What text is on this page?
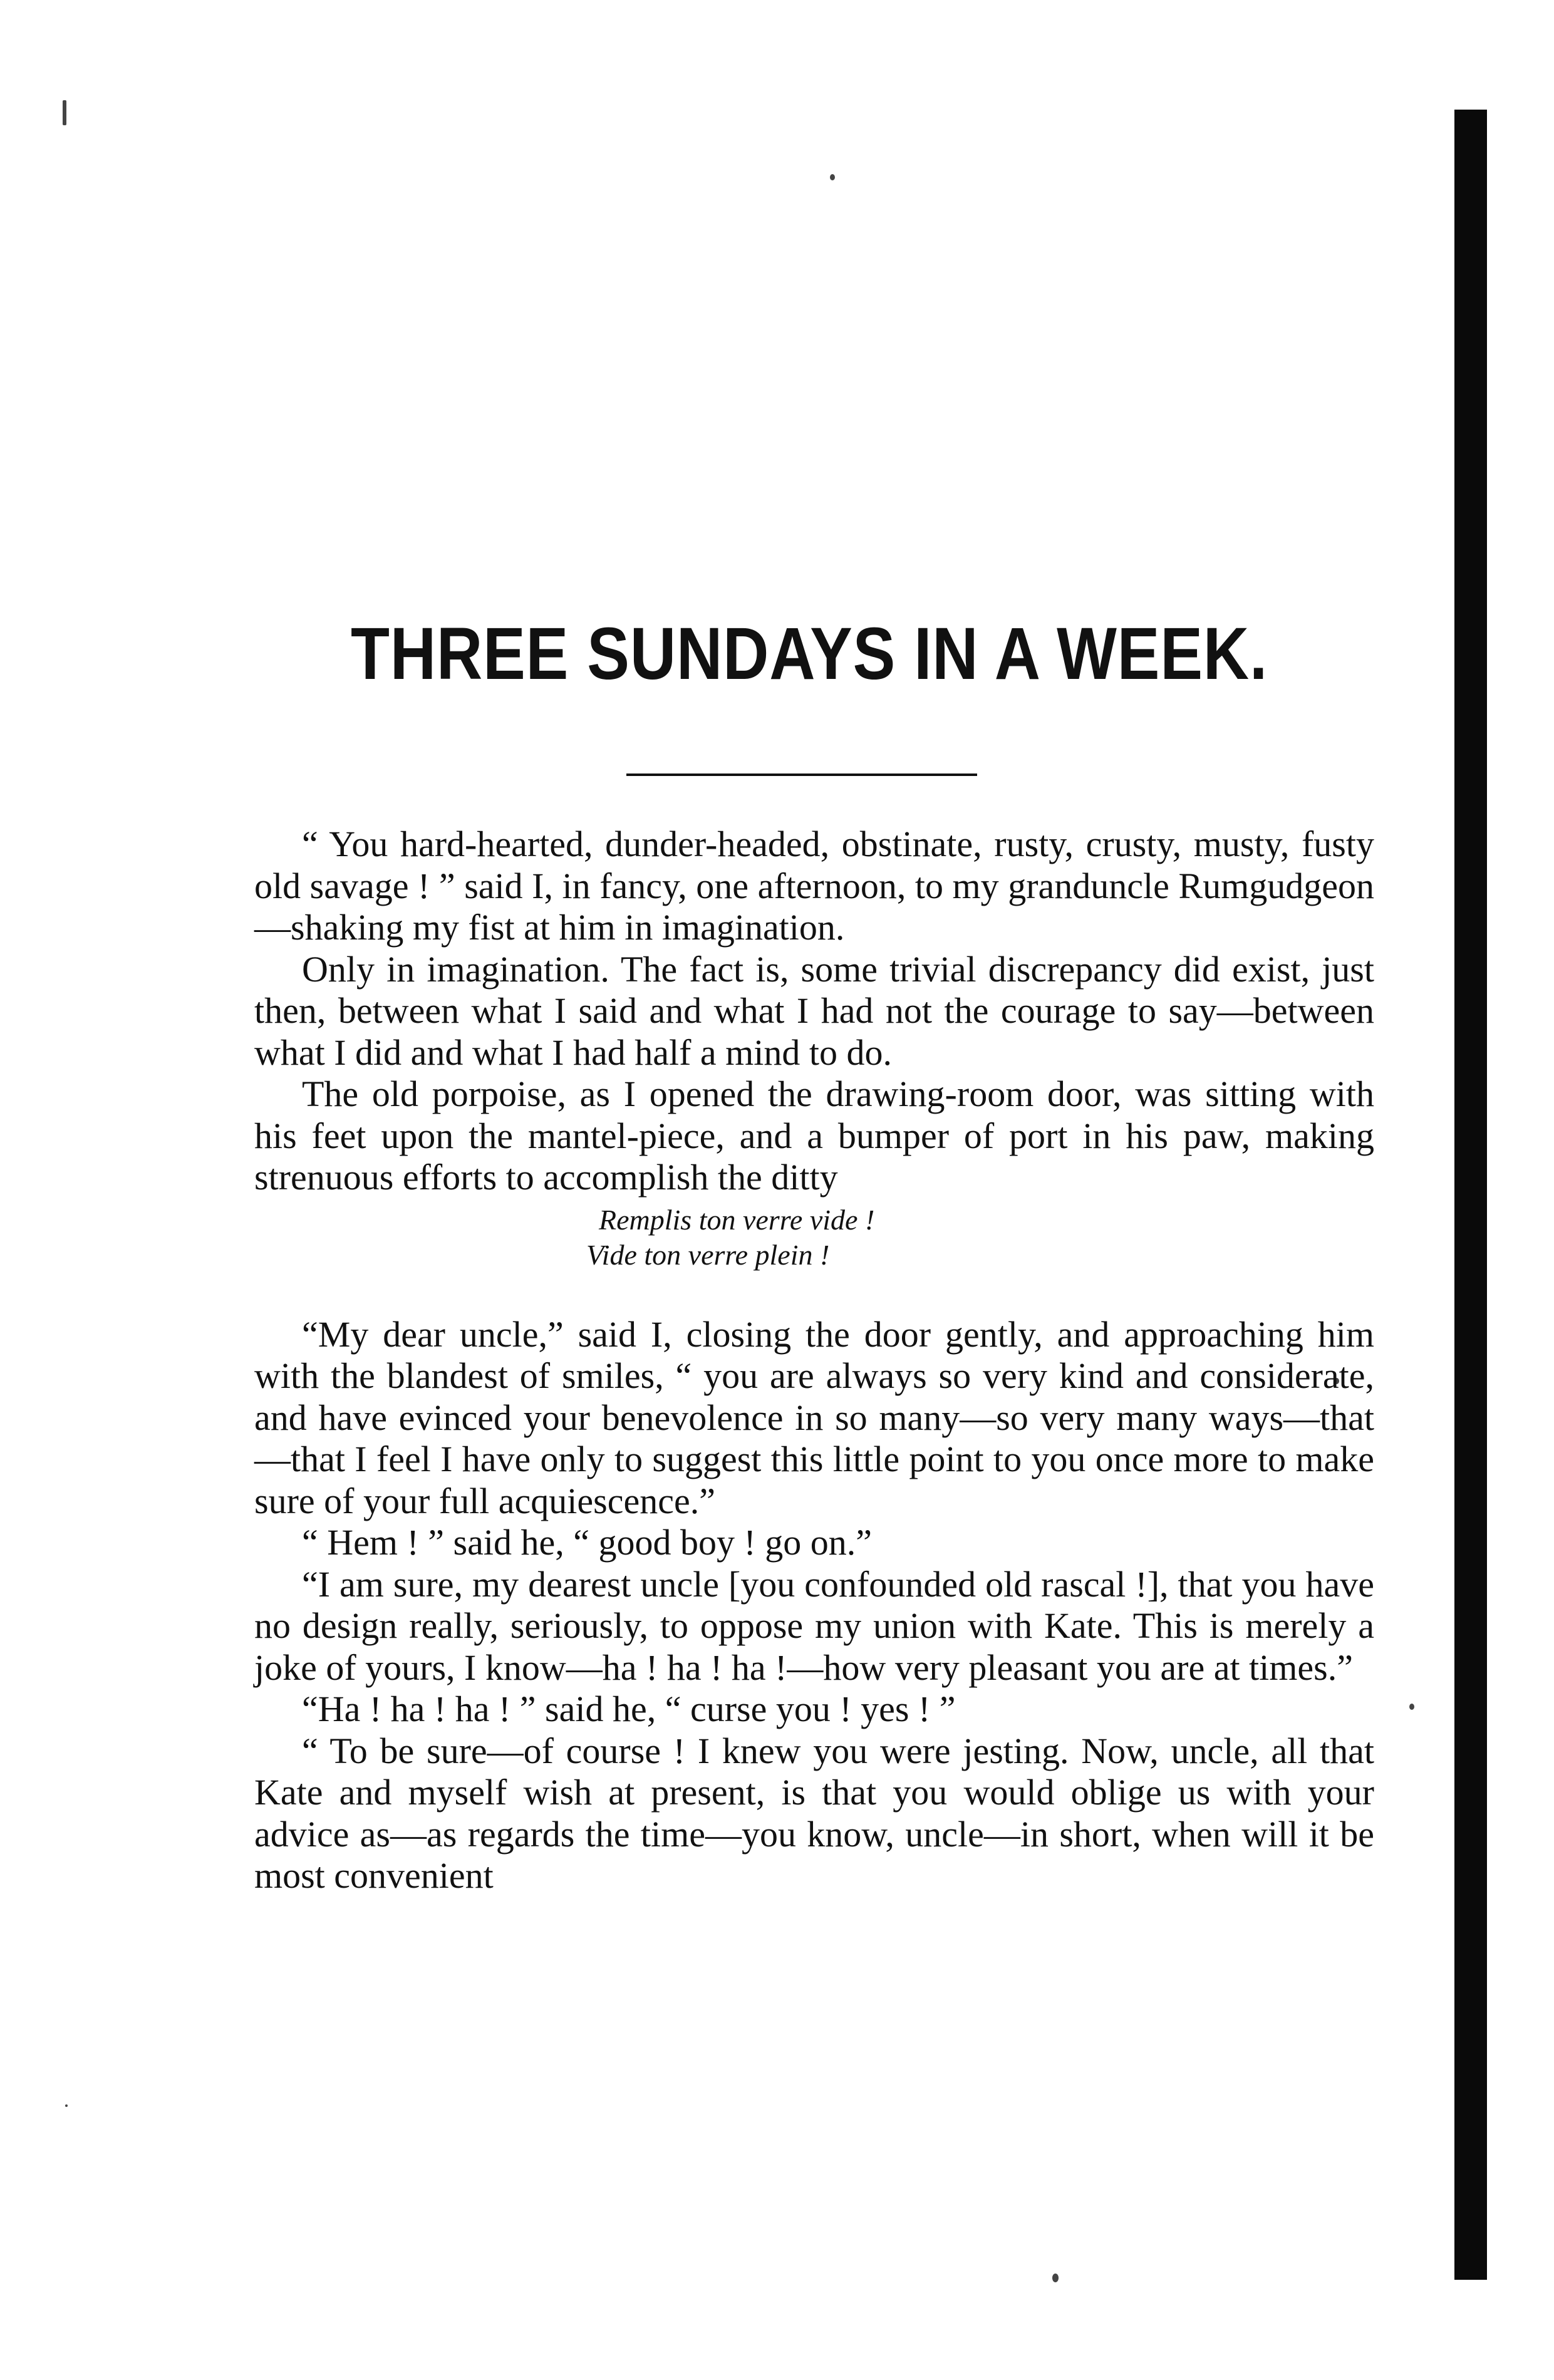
THREE SUNDAYS IN A WEEK.

“ You hard-hearted, dunder-headed, obstinate, rusty, crusty, musty, fusty old savage ! ” said I, in fancy, one afternoon, to my granduncle Rumgudgeon—shaking my fist at him in imagination.

Only in imagination. The fact is, some trivial discrepancy did exist, just then, between what I said and what I had not the courage to say—between what I did and what I had half a mind to do.

The old porpoise, as I opened the drawing-room door, was sitting with his feet upon the mantel-piece, and a bumper of port in his paw, making strenuous efforts to accomplish the ditty

Remplis ton verre vide !
Vide ton verre plein !

“My dear uncle,” said I, closing the door gently, and approaching him with the blandest of smiles, “ you are always so very kind and considerate, and have evinced your benevolence in so many—so very many ways—that—that I feel I have only to suggest this little point to you once more to make sure of your full acquiescence.”

“ Hem ! ” said he, “ good boy ! go on.”

“I am sure, my dearest uncle [you confounded old rascal !], that you have no design really, seriously, to oppose my union with Kate. This is merely a joke of yours, I know—ha ! ha ! ha !—how very pleasant you are at times.”

“Ha ! ha ! ha ! ” said he, “ curse you ! yes ! ”

“ To be sure—of course ! I knew you were jesting. Now, uncle, all that Kate and myself wish at present, is that you would oblige us with your advice as—as regards the time—you know, uncle—in short, when will it be most convenient
